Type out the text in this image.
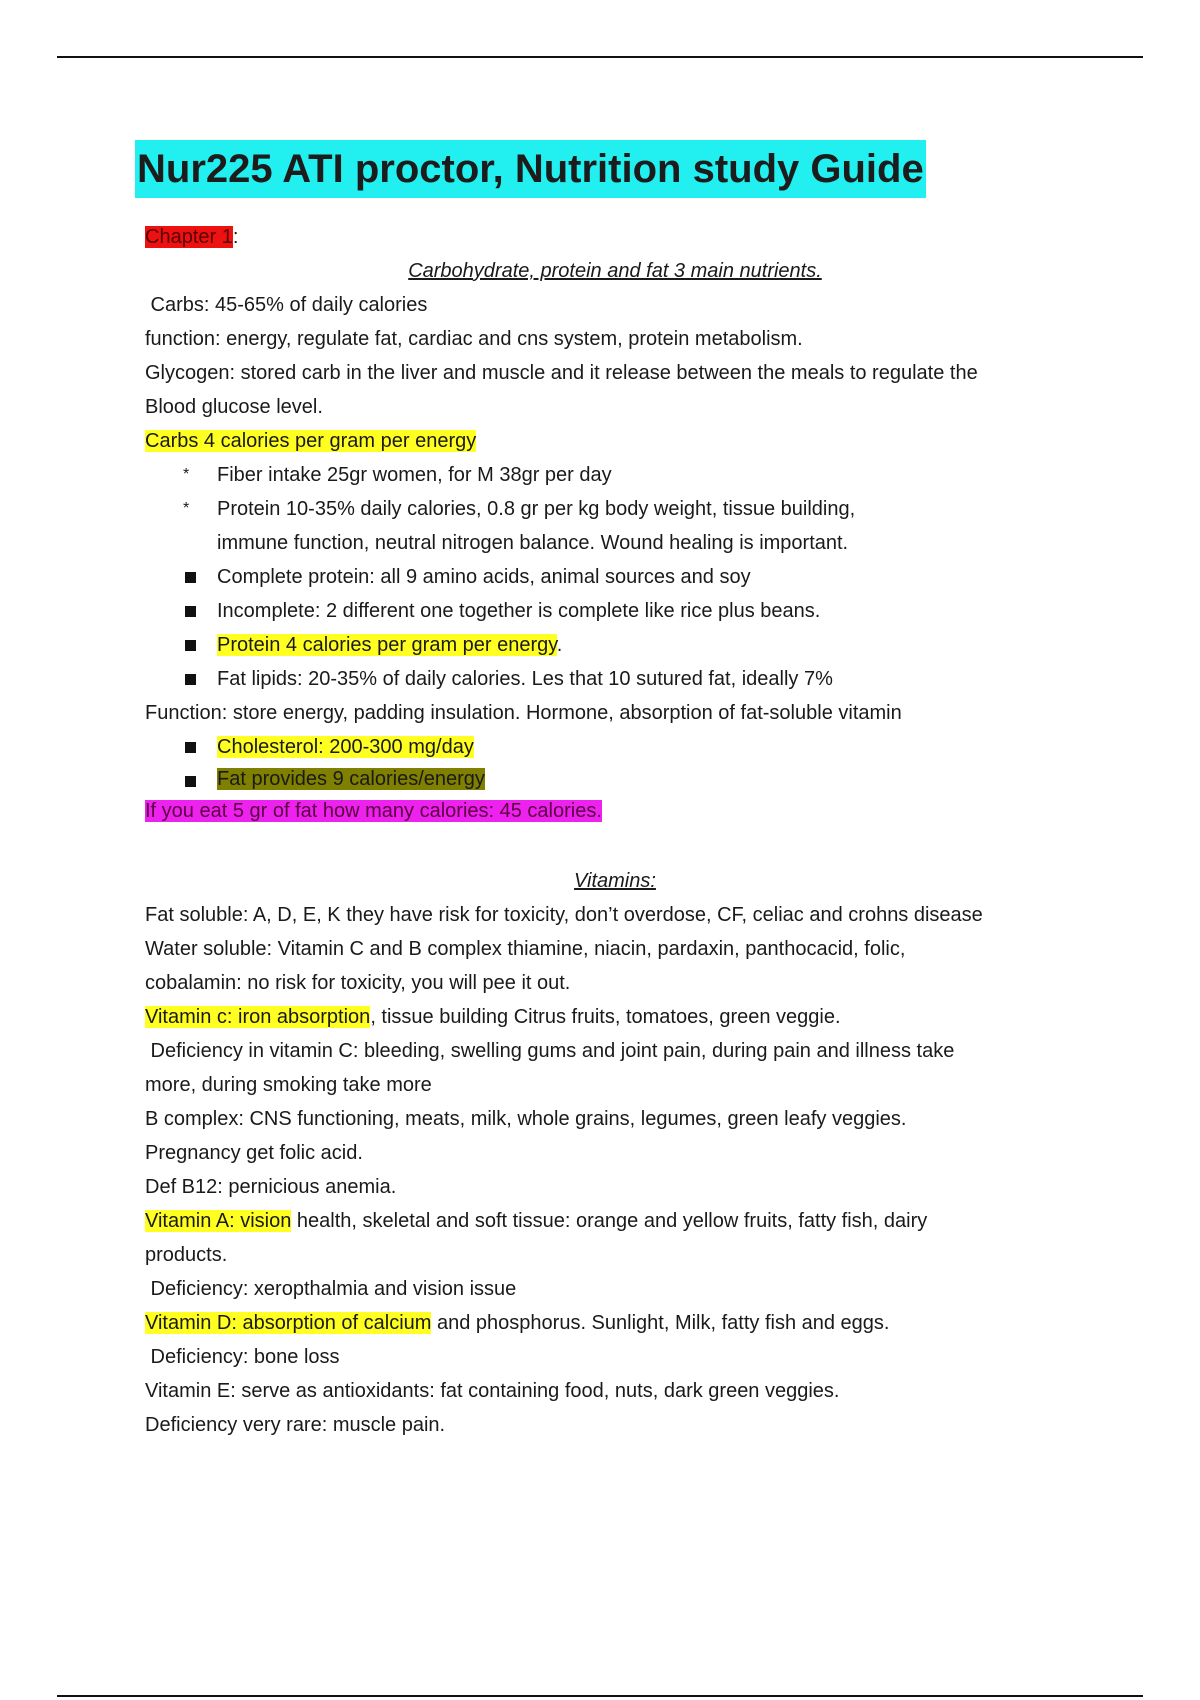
Nur225 ATI proctor, Nutrition study Guide
Chapter 1:
Carbohydrate, protein and fat 3 main nutrients.
Carbs: 45-65% of daily calories
function: energy, regulate fat, cardiac and cns system, protein metabolism.
Glycogen: stored carb in the liver and muscle and it release between the meals to regulate the
Blood glucose level.
Carbs 4 calories per gram per energy
* Fiber intake 25gr women, for M 38gr per day
* Protein 10-35% daily calories, 0.8 gr per kg body weight, tissue building,
immune function, neutral nitrogen balance. Wound healing is important.
Complete protein: all 9 amino acids, animal sources and soy
Incomplete: 2 different one together is complete like rice plus beans.
Protein 4 calories per gram per energy.
Fat lipids: 20-35% of daily calories. Les that 10 sutured fat, ideally 7%
Function: store energy, padding insulation. Hormone, absorption of fat-soluble vitamin
Cholesterol: 200-300 mg/day
Fat provides 9 calories/energy
If you eat 5 gr of fat how many calories: 45 calories.
Vitamins:
Fat soluble: A, D, E, K they have risk for toxicity, don’t overdose, CF, celiac and crohns disease
Water soluble: Vitamin C and B complex thiamine, niacin, pardaxin, panthocacid, folic,
cobalamin: no risk for toxicity, you will pee it out.
Vitamin c: iron absorption, tissue building Citrus fruits, tomatoes, green veggie.
Deficiency in vitamin C: bleeding, swelling gums and joint pain, during pain and illness take
more, during smoking take more
B complex: CNS functioning, meats, milk, whole grains, legumes, green leafy veggies.
Pregnancy get folic acid.
Def B12: pernicious anemia.
Vitamin A: vision health, skeletal and soft tissue: orange and yellow fruits, fatty fish, dairy
products.
Deficiency: xeropthalmia and vision issue
Vitamin D: absorption of calcium and phosphorus. Sunlight, Milk, fatty fish and eggs.
Deficiency: bone loss
Vitamin E: serve as antioxidants: fat containing food, nuts, dark green veggies.
Deficiency very rare: muscle pain.
